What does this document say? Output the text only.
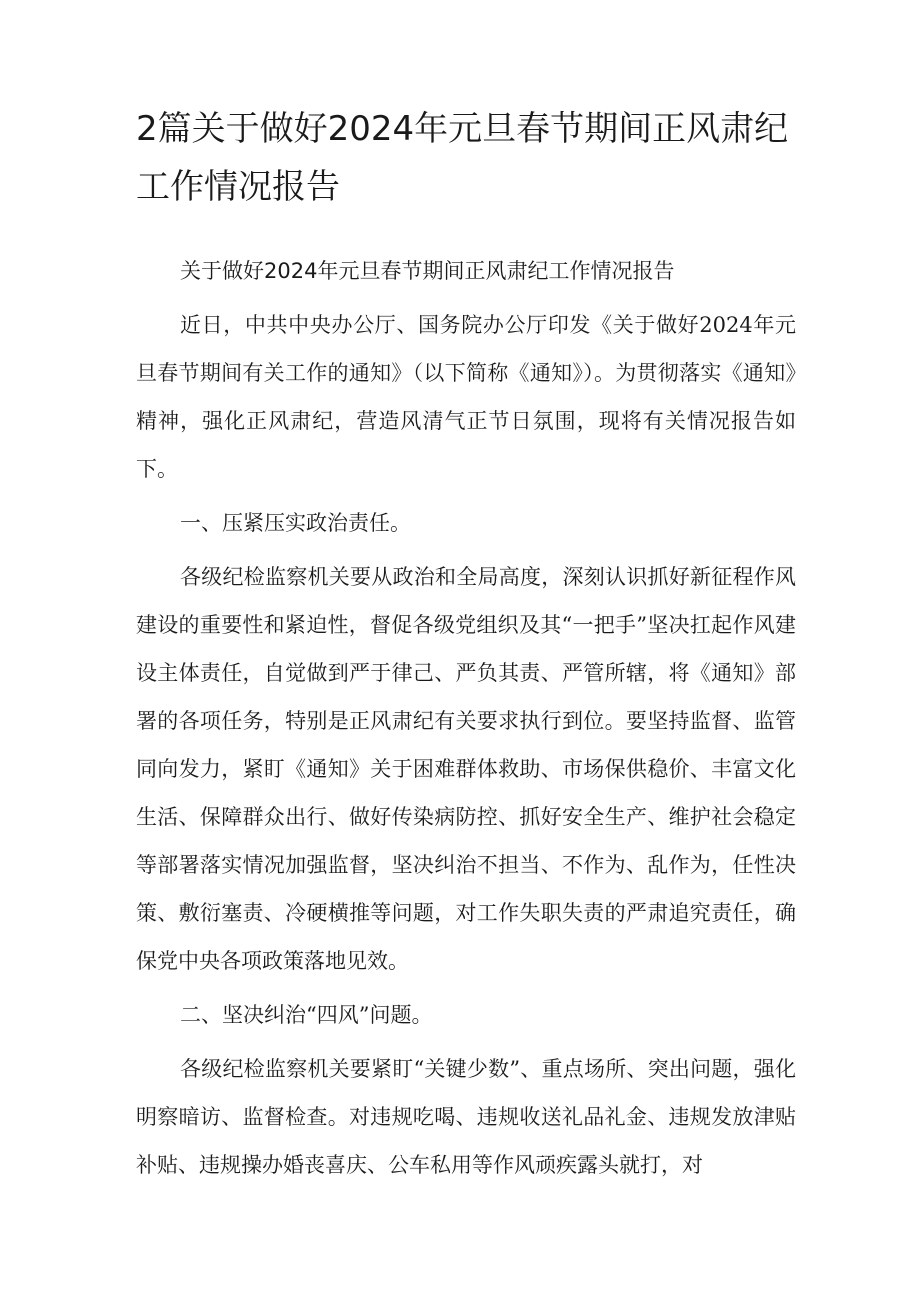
2篇关于做好2024年元旦春节期间正风肃纪工作情况报告

关于做好2024年元旦春节期间正风肃纪工作情况报告

近日，中共中央办公厅、国务院办公厅印发《关于做好2024年元旦春节期间有关工作的通知》（以下简称《通知》）。为贯彻落实《通知》精神，强化正风肃纪，营造风清气正节日氛围，现将有关情况报告如下。

一、压紧压实政治责任。

各级纪检监察机关要从政治和全局高度，深刻认识抓好新征程作风建设的重要性和紧迫性，督促各级党组织及其“一把手”坚决扛起作风建设主体责任，自觉做到严于律己、严负其责、严管所辖，将《通知》部署的各项任务，特别是正风肃纪有关要求执行到位。要坚持监督、监管同向发力，紧盯《通知》关于困难群体救助、市场保供稳价、丰富文化生活、保障群众出行、做好传染病防控、抓好安全生产、维护社会稳定等部署落实情况加强监督，坚决纠治不担当、不作为、乱作为，任性决策、敷衍塞责、冷硬横推等问题，对工作失职失责的严肃追究责任，确保党中央各项政策落地见效。

二、坚决纠治“四风”问题。

各级纪检监察机关要紧盯“关键少数”、重点场所、突出问题，强化明察暗访、监督检查。对违规吃喝、违规收送礼品礼金、违规发放津贴补贴、违规操办婚丧喜庆、公车私用等作风顽疾露头就打，对
